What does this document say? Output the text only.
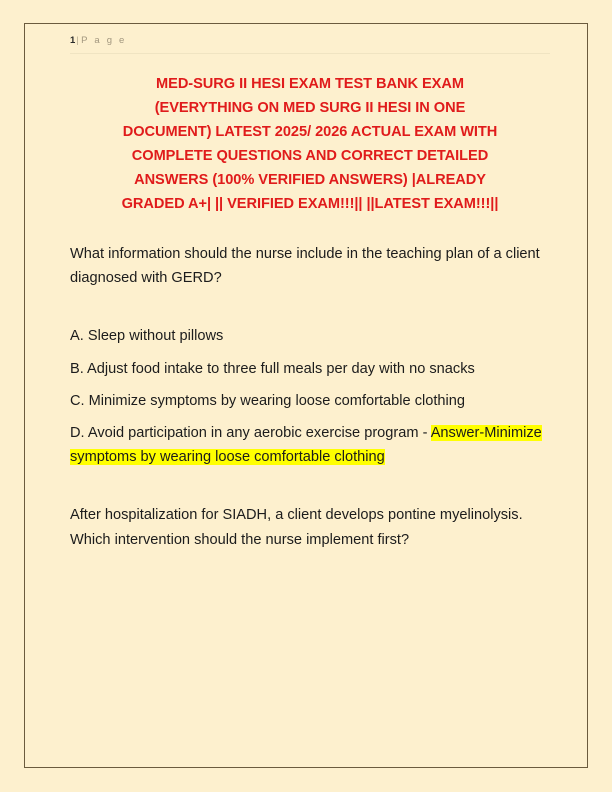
1| P a g e
MED-SURG II HESI EXAM TEST BANK EXAM
(EVERYTHING ON MED SURG II HESI IN ONE
DOCUMENT) LATEST 2025/ 2026 ACTUAL EXAM WITH
COMPLETE QUESTIONS AND CORRECT DETAILED
ANSWERS (100% VERIFIED ANSWERS) |ALREADY
GRADED A+| || VERIFIED EXAM!!!|| ||LATEST EXAM!!!||

What information should the nurse include in the teaching plan of a client diagnosed with GERD?

A. Sleep without pillows

B. Adjust food intake to three full meals per day with no snacks

C. Minimize symptoms by wearing loose comfortable clothing

D. Avoid participation in any aerobic exercise program - Answer-Minimize symptoms by wearing loose comfortable clothing

After hospitalization for SIADH, a client develops pontine myelinolysis. Which intervention should the nurse implement first?
